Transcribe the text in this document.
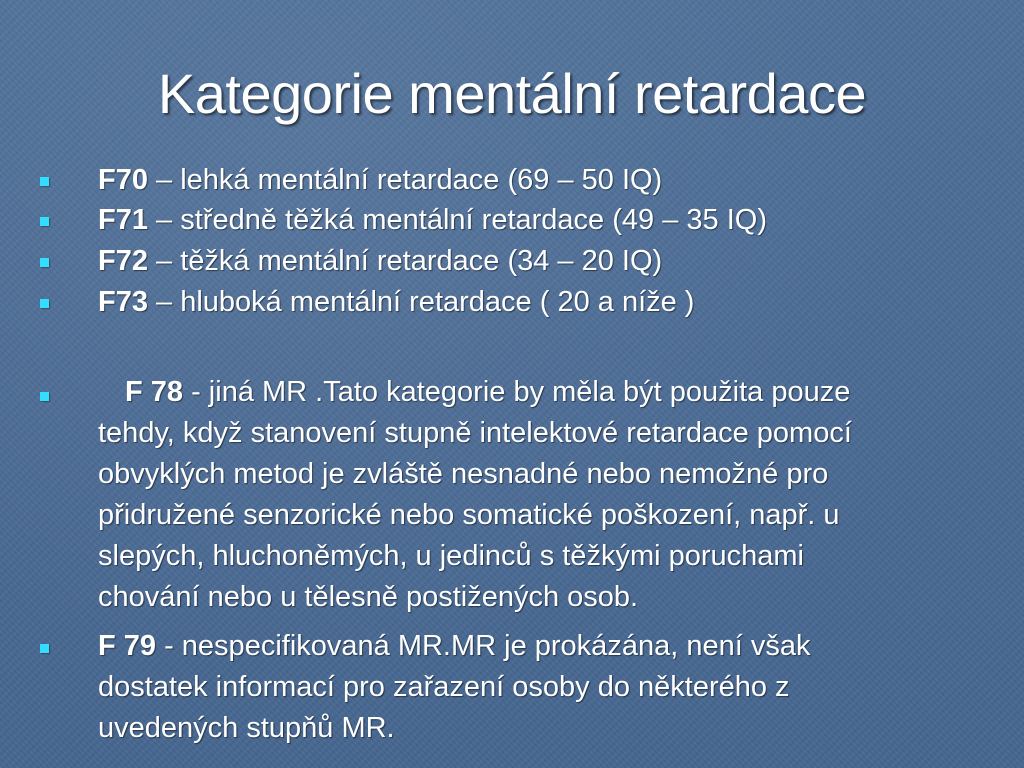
Kategorie mentální retardace
F70 – lehká mentální retardace (69 – 50 IQ)
F71 – středně těžká mentální retardace (49 – 35 IQ)
F72 – těžká mentální retardace (34 – 20 IQ)
F73 – hluboká mentální retardace ( 20 a níže )
F 78 - jiná MR .Tato kategorie by měla být použita pouze
tehdy, když stanovení stupně intelektové retardace pomocí
obvyklých metod je zvláště nesnadné nebo nemožné pro
přidružené senzorické nebo somatické poškození, např. u
slepých, hluchoněmých, u jedinců s těžkými poruchami
chování nebo u tělesně postižených osob.
F 79 - nespecifikovaná MR.MR je prokázána, není však
dostatek informací pro zařazení osoby do některého z
uvedených stupňů MR.
